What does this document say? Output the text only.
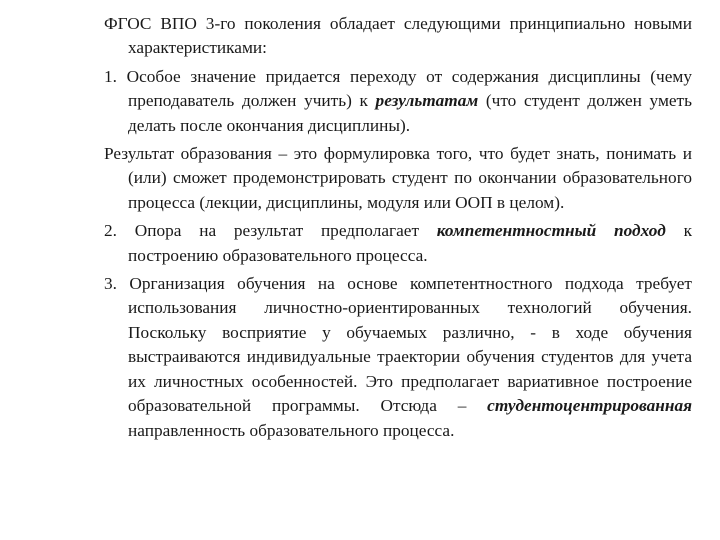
ФГОС ВПО 3-го поколения обладает следующими принципиально новыми характеристиками:

1. Особое значение придается переходу от содержания дисциплины (чему преподаватель должен учить) к результатам (что студент должен уметь делать после окончания дисциплины).

Результат образования – это формулировка того, что будет знать, понимать и (или) сможет продемонстрировать студент по окончании образовательного процесса (лекции, дисциплины, модуля или ООП в целом).

2. Опора на результат предполагает компетентностный подход к построению образовательного процесса.

3. Организация обучения на основе компетентностного подхода требует использования личностно-ориентированных технологий обучения. Поскольку восприятие у обучаемых различно, - в ходе обучения выстраиваются индивидуальные траектории обучения студентов для учета их личностных особенностей. Это предполагает вариативное построение образовательной программы. Отсюда – студентоцентрированная направленность образовательного процесса.
